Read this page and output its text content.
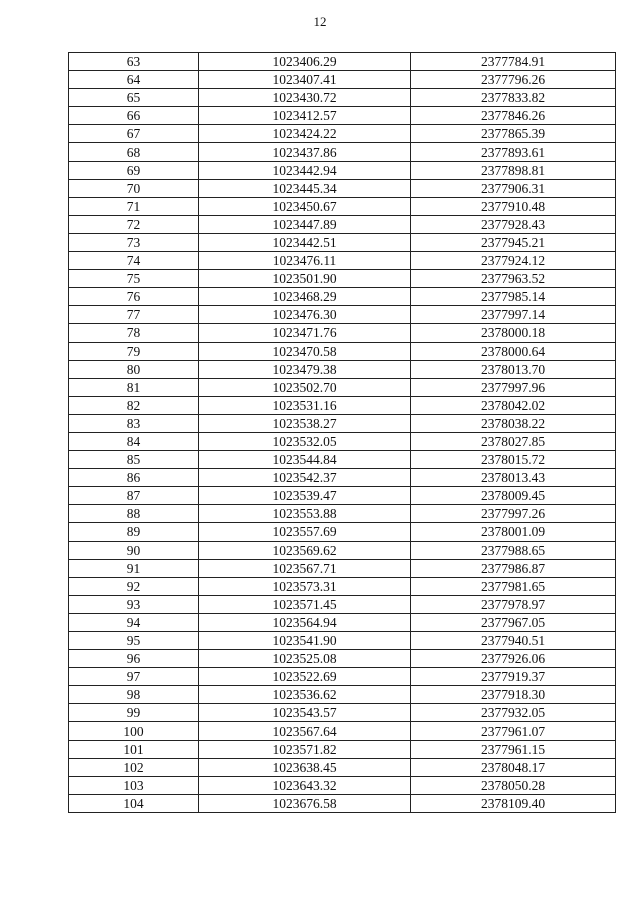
12
63	1023406.29	2377784.91
64	1023407.41	2377796.26
65	1023430.72	2377833.82
66	1023412.57	2377846.26
67	1023424.22	2377865.39
68	1023437.86	2377893.61
69	1023442.94	2377898.81
70	1023445.34	2377906.31
71	1023450.67	2377910.48
72	1023447.89	2377928.43
73	1023442.51	2377945.21
74	1023476.11	2377924.12
75	1023501.90	2377963.52
76	1023468.29	2377985.14
77	1023476.30	2377997.14
78	1023471.76	2378000.18
79	1023470.58	2378000.64
80	1023479.38	2378013.70
81	1023502.70	2377997.96
82	1023531.16	2378042.02
83	1023538.27	2378038.22
84	1023532.05	2378027.85
85	1023544.84	2378015.72
86	1023542.37	2378013.43
87	1023539.47	2378009.45
88	1023553.88	2377997.26
89	1023557.69	2378001.09
90	1023569.62	2377988.65
91	1023567.71	2377986.87
92	1023573.31	2377981.65
93	1023571.45	2377978.97
94	1023564.94	2377967.05
95	1023541.90	2377940.51
96	1023525.08	2377926.06
97	1023522.69	2377919.37
98	1023536.62	2377918.30
99	1023543.57	2377932.05
100	1023567.64	2377961.07
101	1023571.82	2377961.15
102	1023638.45	2378048.17
103	1023643.32	2378050.28
104	1023676.58	2378109.40
